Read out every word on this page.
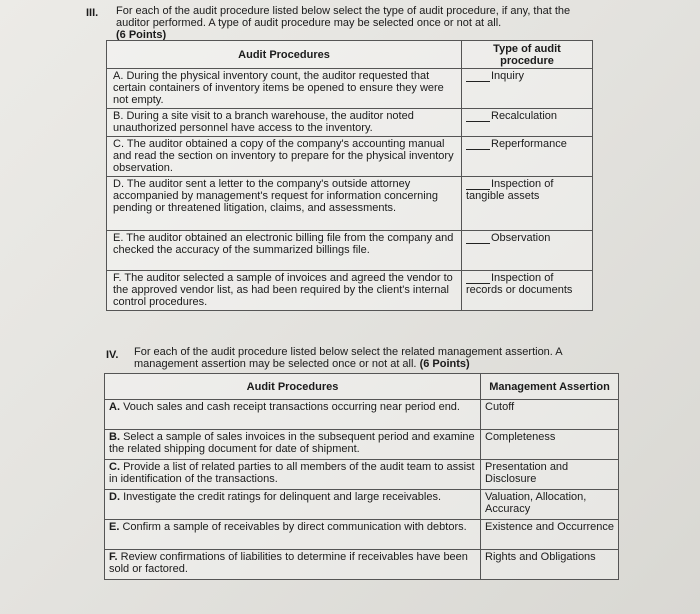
III. For each of the audit procedure listed below select the type of audit procedure, if any, that the auditor performed. A type of audit procedure may be selected once or not at all.
(6 Points)
Audit Procedures	Type of audit procedure
A. During the physical inventory count, the auditor requested that certain containers of inventory items be opened to ensure they were not empty.	Inquiry
B. During a site visit to a branch warehouse, the auditor noted unauthorized personnel have access to the inventory.	Recalculation
C. The auditor obtained a copy of the company's accounting manual and read the section on inventory to prepare for the physical inventory observation.	Reperformance
D. The auditor sent a letter to the company's outside attorney accompanied by management's request for information concerning pending or threatened litigation, claims, and assessments.	Inspection of tangible assets
E. The auditor obtained an electronic billing file from the company and checked the accuracy of the summarized billings file.	Observation
F. The auditor selected a sample of invoices and agreed the vendor to the approved vendor list, as had been required by the client's internal control procedures.	Inspection of records or documents
IV. For each of the audit procedure listed below select the related management assertion. A management assertion may be selected once or not at all. (6 Points)
Audit Procedures	Management Assertion
A. Vouch sales and cash receipt transactions occurring near period end.	Cutoff
B. Select a sample of sales invoices in the subsequent period and examine the related shipping document for date of shipment.	Completeness
C. Provide a list of related parties to all members of the audit team to assist in identification of the transactions.	Presentation and Disclosure
D. Investigate the credit ratings for delinquent and large receivables.	Valuation, Allocation, Accuracy
E. Confirm a sample of receivables by direct communication with debtors.	Existence and Occurrence
F. Review confirmations of liabilities to determine if receivables have been sold or factored.	Rights and Obligations
